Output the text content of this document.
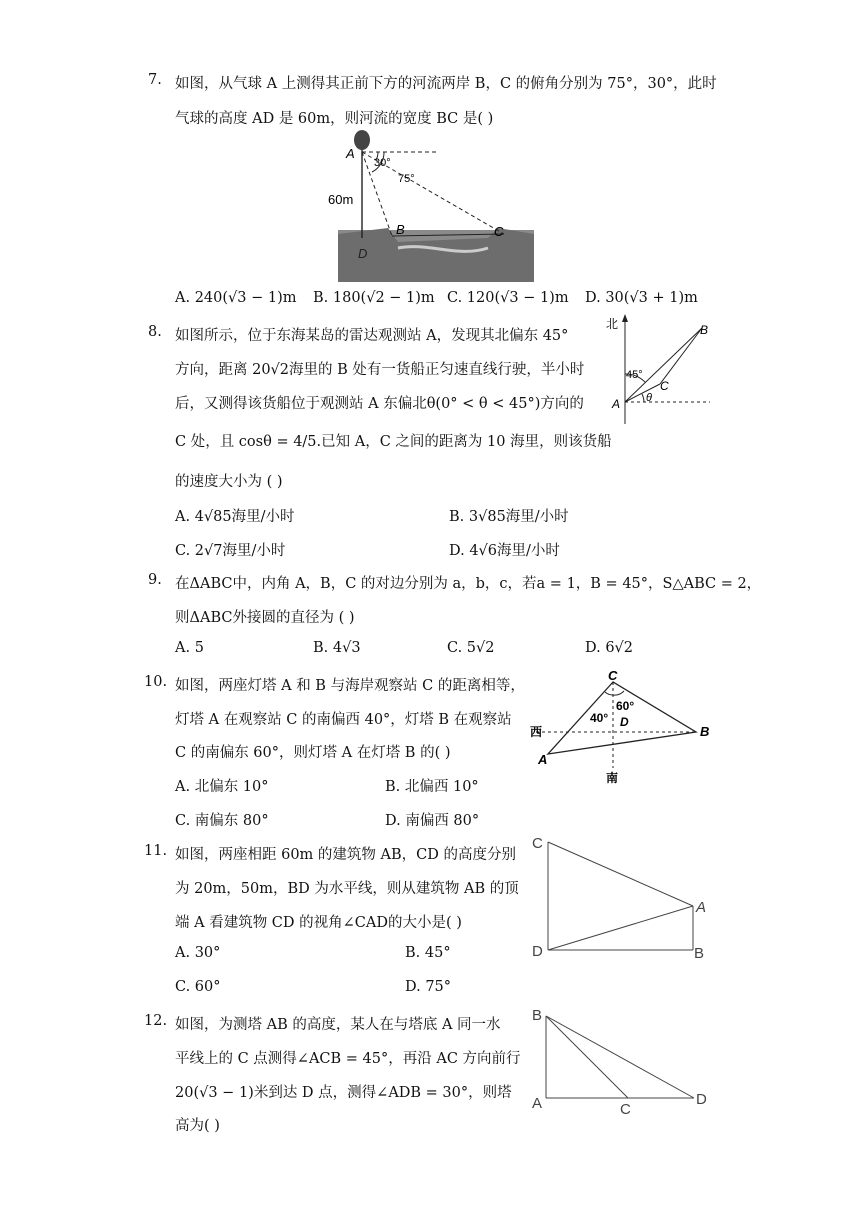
7. 如图，从气球 A 上测得其正前下方的河流两岸 B，C 的俯角分别为 75°，30°，此时
气球的高度 AD 是 60m，则河流的宽度 BC 是( )
A
30°
75°
60m
B	C
D
A. 240(√3 − 1)m B. 180(√2 − 1)m C. 120(√3 − 1)m D. 30(√3 + 1)m
8. 如图所示，位于东海某岛的雷达观测站 A，发现其北偏东 45°
方向，距离 20√2海里的 B 处有一货船正匀速直线行驶，半小时
后，又测得该货船位于观测站 A 东偏北θ(0° < θ < 45°)方向的
C 处，且 cosθ = 4/5.已知 A，C 之间的距离为 10 海里，则该货船
的速度大小为 ( )
北	B
45°
C
A θ
A. 4√85海里/小时	B. 3√85海里/小时
C. 2√7海里/小时	D. 4√6海里/小时
9. 在ΔABC中，内角 A，B，C 的对边分别为 a，b，c，若a = 1，B = 45°，S△ABC = 2，
则ΔABC外接圆的直径为 ( )
A. 5	B. 4√3	C. 5√2	D. 6√2
10. 如图，两座灯塔 A 和 B 与海岸观察站 C 的距离相等，
灯塔 A 在观察站 C 的南偏西 40°，灯塔 B 在观察站
C 的南偏东 60°，则灯塔 A 在灯塔 B 的( )
C
60°
40° D
西	B
A
南
A. 北偏东 10°	B. 北偏西 10°
C. 南偏东 80°	D. 南偏西 80°
11. 如图，两座相距 60m 的建筑物 AB，CD 的高度分别
为 20m，50m，BD 为水平线，则从建筑物 AB 的顶
端 A 看建筑物 CD 的视角∠CAD的大小是( )
C
A
D	B
A. 30°	B. 45°
C. 60°	D. 75°
12. 如图，为测塔 AB 的高度，某人在与塔底 A 同一水
平线上的 C 点测得∠ACB = 45°，再沿 AC 方向前行
20(√3 − 1)米到达 D 点，测得∠ADB = 30°，则塔
高为( )
B
A	C
D
